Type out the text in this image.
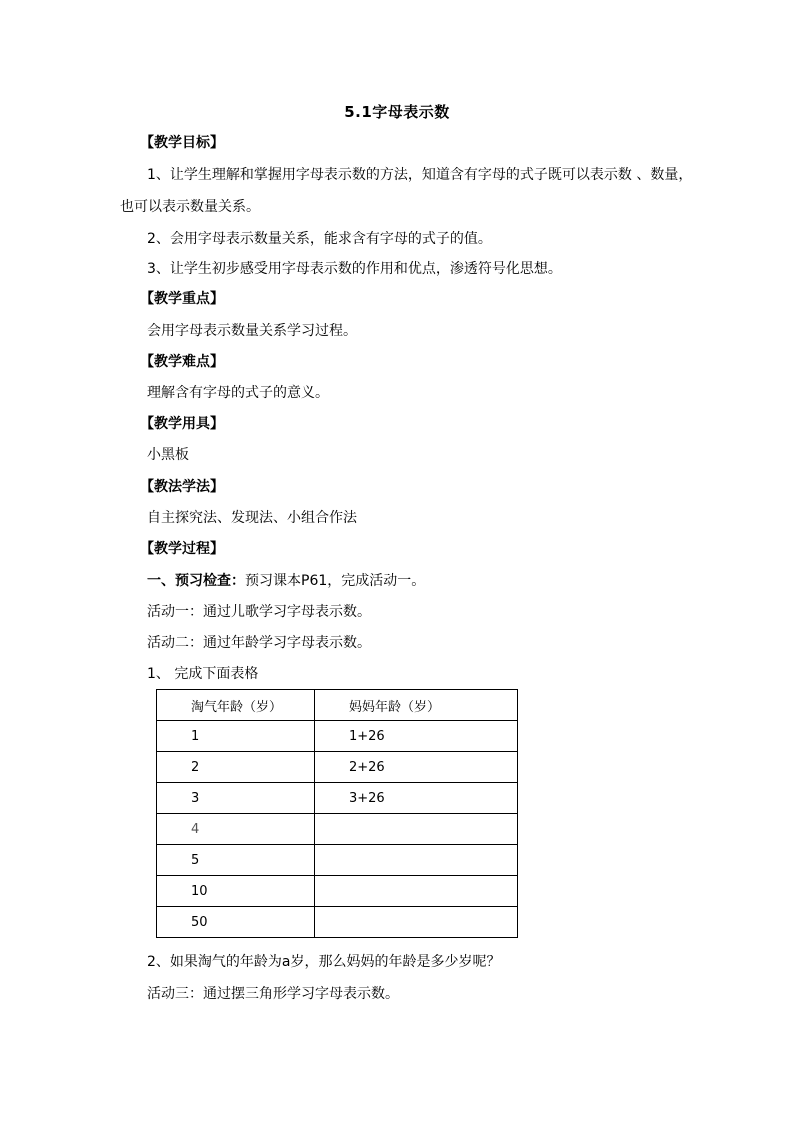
5.1字母表示数
【教学目标】
1、让学生理解和掌握用字母表示数的方法，知道含有字母的式子既可以表示数 、数量，
也可以表示数量关系。
2、会用字母表示数量关系，能求含有字母的式子的值。
3、让学生初步感受用字母表示数的作用和优点，渗透符号化思想。
【教学重点】
会用字母表示数量关系学习过程。
【教学难点】
理解含有字母的式子的意义。
【教学用具】
小黑板
【教法学法】
自主探究法、发现法、小组合作法
【教学过程】
一、预习检查：预习课本P61，完成活动一。
活动一：通过儿歌学习字母表示数。
活动二：通过年龄学习字母表示数。
1、 完成下面表格
淘气年龄（岁）	妈妈年龄（岁）
1	1+26
2	2+26
3	3+26
4	
5	
10	
50	
2、如果淘气的年龄为a岁，那么妈妈的年龄是多少岁呢？
活动三：通过摆三角形学习字母表示数。
